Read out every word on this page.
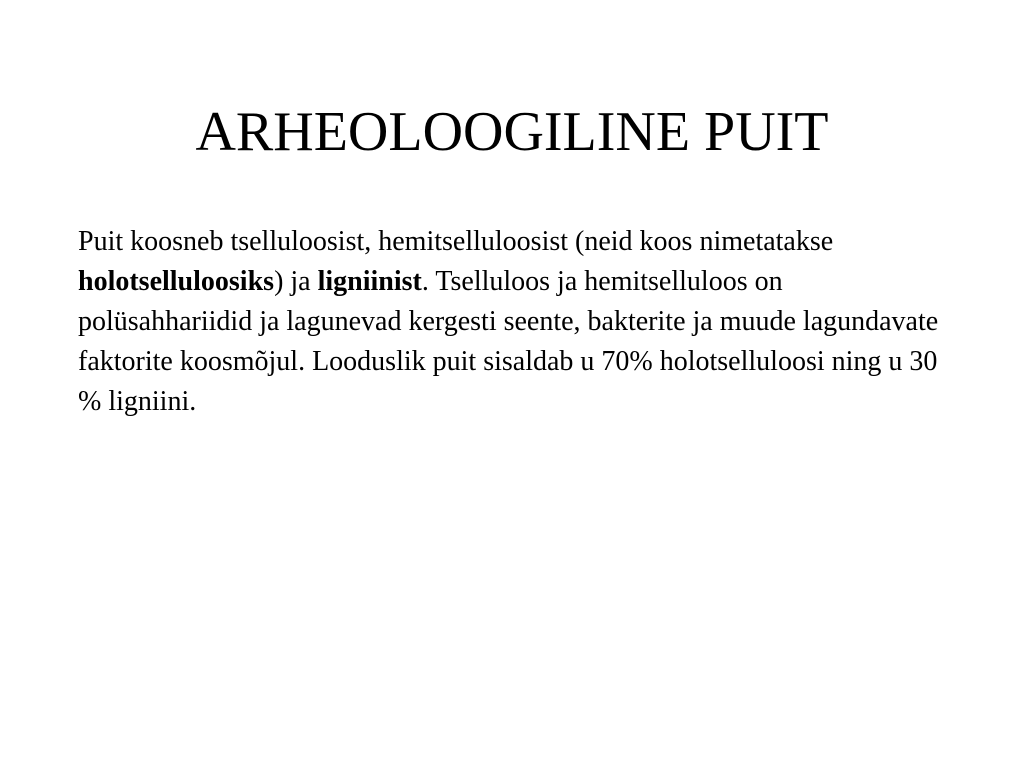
ARHEOLOOGILINE PUIT

Puit koosneb tselluloosist, hemitselluloosist (neid koos nimetatakse holotselluloosiks) ja ligniinist. Tselluloos ja hemitselluloos on polüsahhariidid ja lagunevad kergesti seente, bakterite ja muude lagundavate faktorite koosmõjul. Looduslik puit sisaldab u 70% holotselluloosi ning u 30 % ligniini.
